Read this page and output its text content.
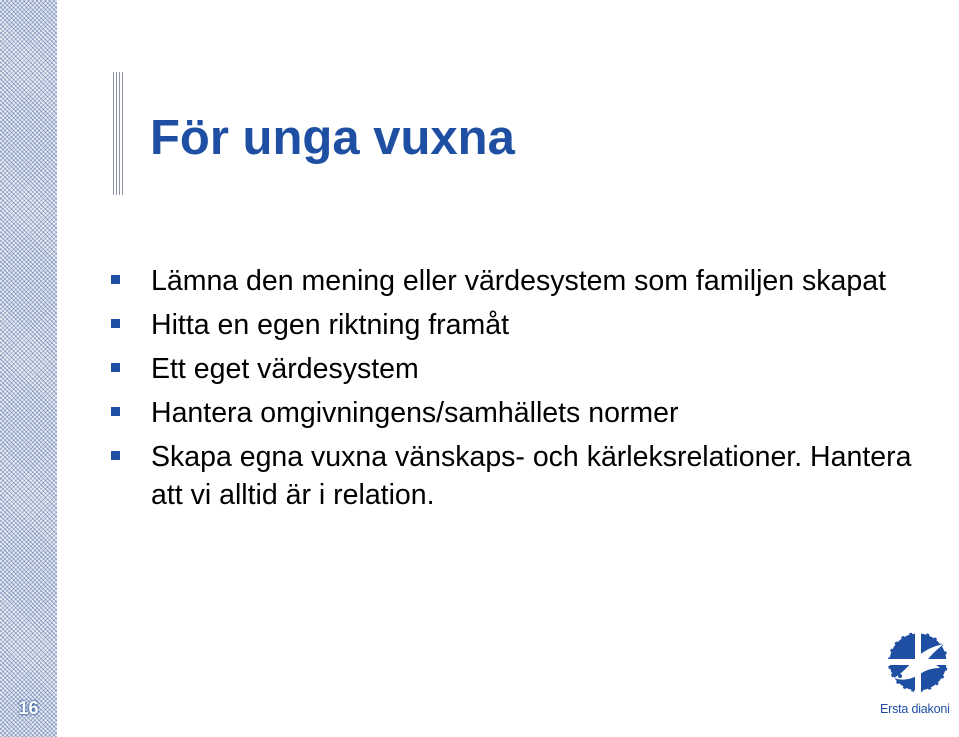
16
För unga vuxna
Lämna den mening eller värdesystem som familjen skapat
Hitta en egen riktning framåt
Ett eget värdesystem
Hantera omgivningens/samhällets normer
Skapa egna vuxna vänskaps- och kärleksrelationer. Hantera att vi alltid är i relation.
Ersta diakoni
